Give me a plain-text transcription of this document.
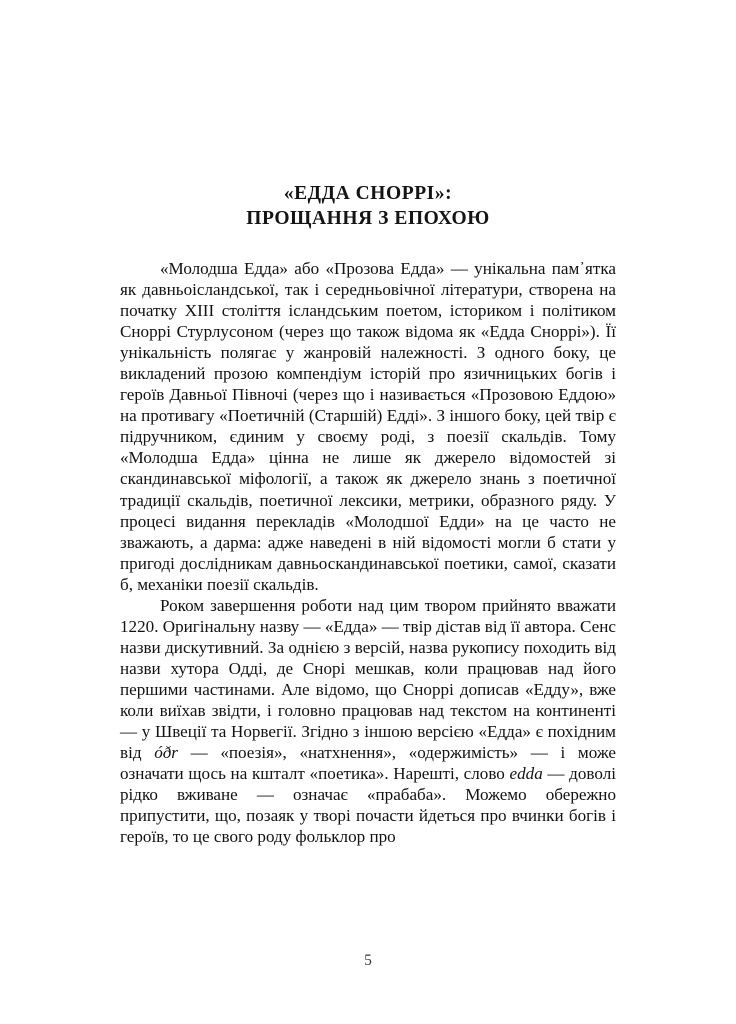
«ЕДДА СНОРРІ»:
ПРОЩАННЯ З ЕПОХОЮ

«Молодша Едда» або «Прозова Едда» — унікальна пам᾽ятка як давньоісландської, так і середньовічної літератури, створена на початку XIII століття ісландським поетом, істориком і політиком Сноррі Стурлусоном (через що також відома як «Едда Сноррі»). Її унікальність полягає у жанровій належності. З одного боку, це викладений прозою компендіум історій про язичницьких богів і героїв Давньої Півночі (через що і називається «Прозовою Еддою» на противагу «Поетичній (Старшій) Едді». З іншого боку, цей твір є підручником, єдиним у своєму роді, з поезії скальдів. Тому «Молодша Едда» цінна не лише як джерело відомостей зі скандинавської міфології, а також як джерело знань з поетичної традиції скальдів, поетичної лексики, метрики, образного ряду. У процесі видання перекладів «Молодшої Едди» на це часто не зважають, а дарма: адже наведені в ній відомості могли б стати у пригоді дослідникам давньоскандинавської поетики, самої, сказати б, механіки поезії скальдів.

Роком завершення роботи над цим твором прийнято вважати 1220. Оригінальну назву — «Едда» — твір дістав від її автора. Сенс назви дискутивний. За однією з версій, назва рукопису походить від назви хутора Одді, де Снорі мешкав, коли працював над його першими частинами. Але відомо, що Сноррі дописав «Едду», вже коли виїхав звідти, і головно працював над текстом на континенті — у Швеції та Норвегії. Згідно з іншою версією «Едда» є похідним від óðr — «поезія», «натхнення», «одержимість» — і може означати щось на кшталт «поетика». Нарешті, слово edda — доволі рідко вживане — означає «прабаба». Можемо обережно припустити, що, позаяк у творі почасти йдеться про вчинки богів і героїв, то це свого роду фольклор про

5
